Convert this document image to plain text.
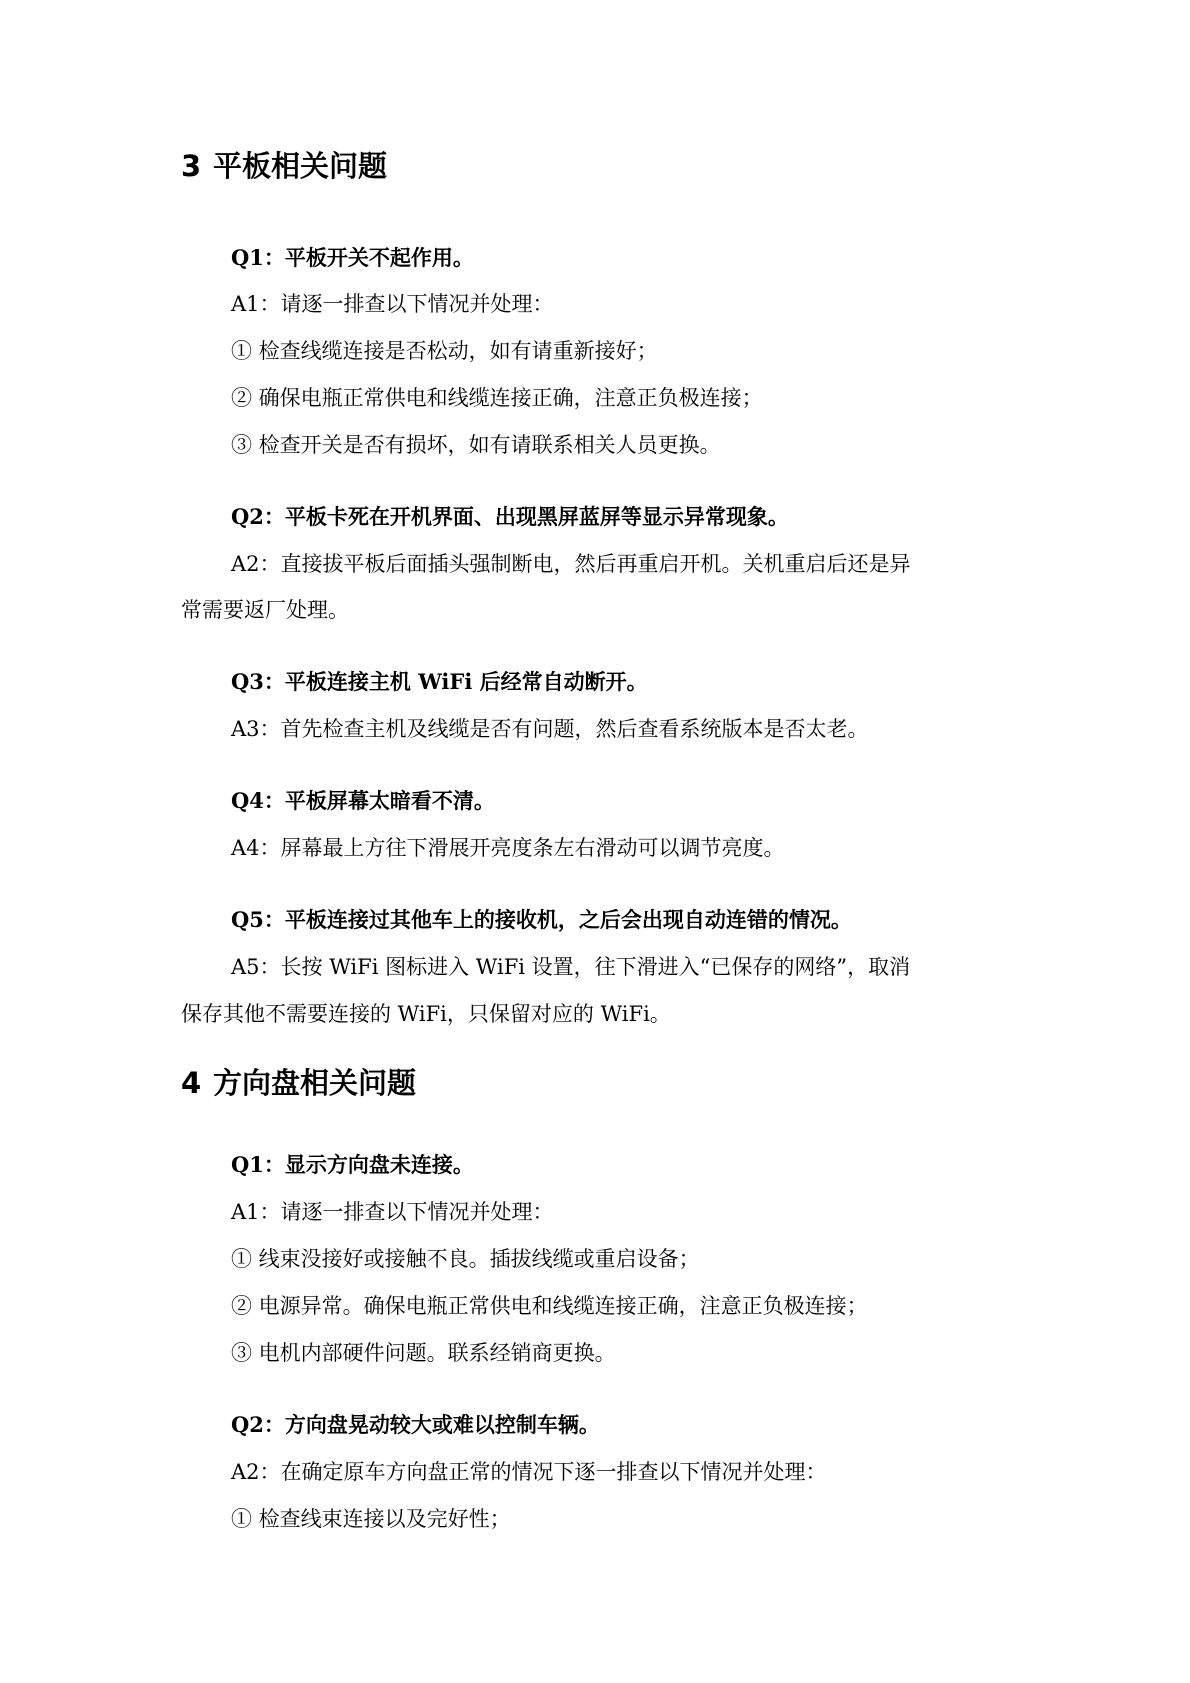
3 平板相关问题
Q1：平板开关不起作用。
A1：请逐一排查以下情况并处理：
① 检查线缆连接是否松动，如有请重新接好；
② 确保电瓶正常供电和线缆连接正确，注意正负极连接；
③ 检查开关是否有损坏，如有请联系相关人员更换。
Q2：平板卡死在开机界面、出现黑屏蓝屏等显示异常现象。
A2：直接拔平板后面插头强制断电，然后再重启开机。关机重启后还是异
常需要返厂处理。
Q3：平板连接主机 WiFi 后经常自动断开。
A3：首先检查主机及线缆是否有问题，然后查看系统版本是否太老。
Q4：平板屏幕太暗看不清。
A4：屏幕最上方往下滑展开亮度条左右滑动可以调节亮度。
Q5：平板连接过其他车上的接收机，之后会出现自动连错的情况。
A5：长按 WiFi 图标进入 WiFi 设置，往下滑进入“已保存的网络”，取消
保存其他不需要连接的 WiFi，只保留对应的 WiFi。
4 方向盘相关问题
Q1：显示方向盘未连接。
A1：请逐一排查以下情况并处理：
① 线束没接好或接触不良。插拔线缆或重启设备；
② 电源异常。确保电瓶正常供电和线缆连接正确，注意正负极连接；
③ 电机内部硬件问题。联系经销商更换。
Q2：方向盘晃动较大或难以控制车辆。
A2：在确定原车方向盘正常的情况下逐一排查以下情况并处理：
① 检查线束连接以及完好性；
